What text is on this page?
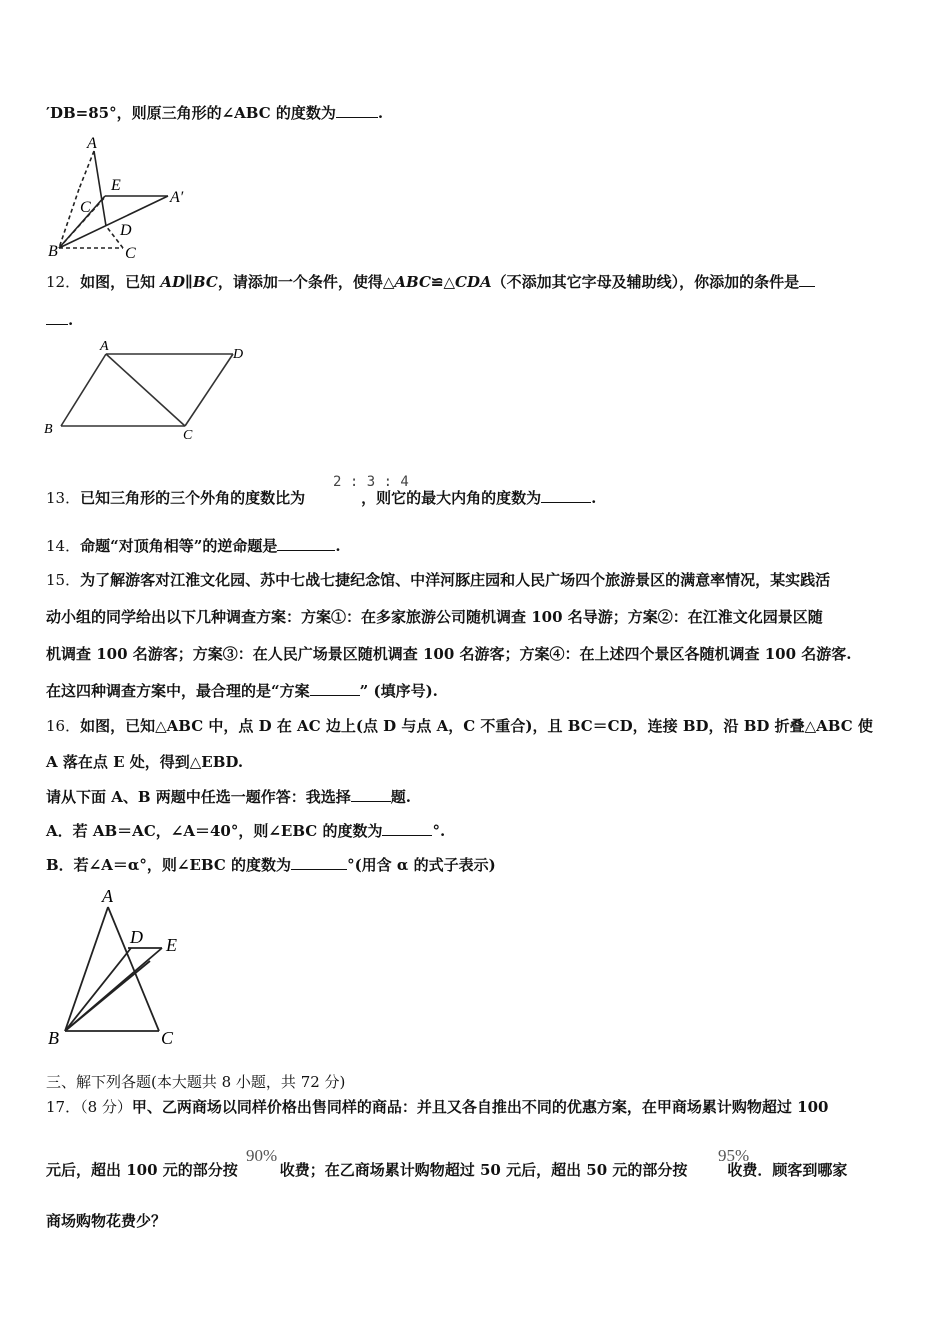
′DB=85°，则原三角形的∠ABC 的度数为	.
A
E
A′
C
D
B	C
12．如图，已知 AD∥BC，请添加一个条件，使得△ABC≌△CDA（不添加其它字母及辅助线），你添加的条件是
.
A
D
B	C
13．已知三角形的三个外角的度数比为	，则它的最大内角的度数为	.
2 : 3 : 4
14．命题“对顶角相等”的逆命题是	.
15．为了解游客对江淮文化园、苏中七战七捷纪念馆、中洋河豚庄园和人民广场四个旅游景区的满意率情况，某实践活
动小组的同学给出以下几种调查方案：方案①：在多家旅游公司随机调查 100 名导游；方案②：在江淮文化园景区随
机调查 100 名游客；方案③：在人民广场景区随机调查 100 名游客；方案④：在上述四个景区各随机调查 100 名游客.
在这四种调查方案中，最合理的是“方案	” (填序号).
16．如图，已知△ABC 中，点 D 在 AC 边上(点 D 与点 A，C 不重合)，且 BC＝CD，连接 BD，沿 BD 折叠△ABC 使
A 落在点 E 处，得到△EBD.
请从下面 A、B 两题中任选一题作答：我选择	题.
A．若 AB＝AC，∠A＝40°，则∠EBC 的度数为	°.
B．若∠A＝α°，则∠EBC 的度数为	°(用含 α 的式子表示)
A
D E
B	C
三、解下列各题(本大题共 8 小题，共 72 分)
17．（8 分）甲、乙两商场以同样价格出售同样的商品：并且又各自推出不同的优惠方案，在甲商场累计购物超过 100
元后，超出 100 元的部分按	收费；在乙商场累计购物超过 50 元后，超出 50 元的部分按	收费．顾客到哪家
90%	95%
商场购物花费少？
